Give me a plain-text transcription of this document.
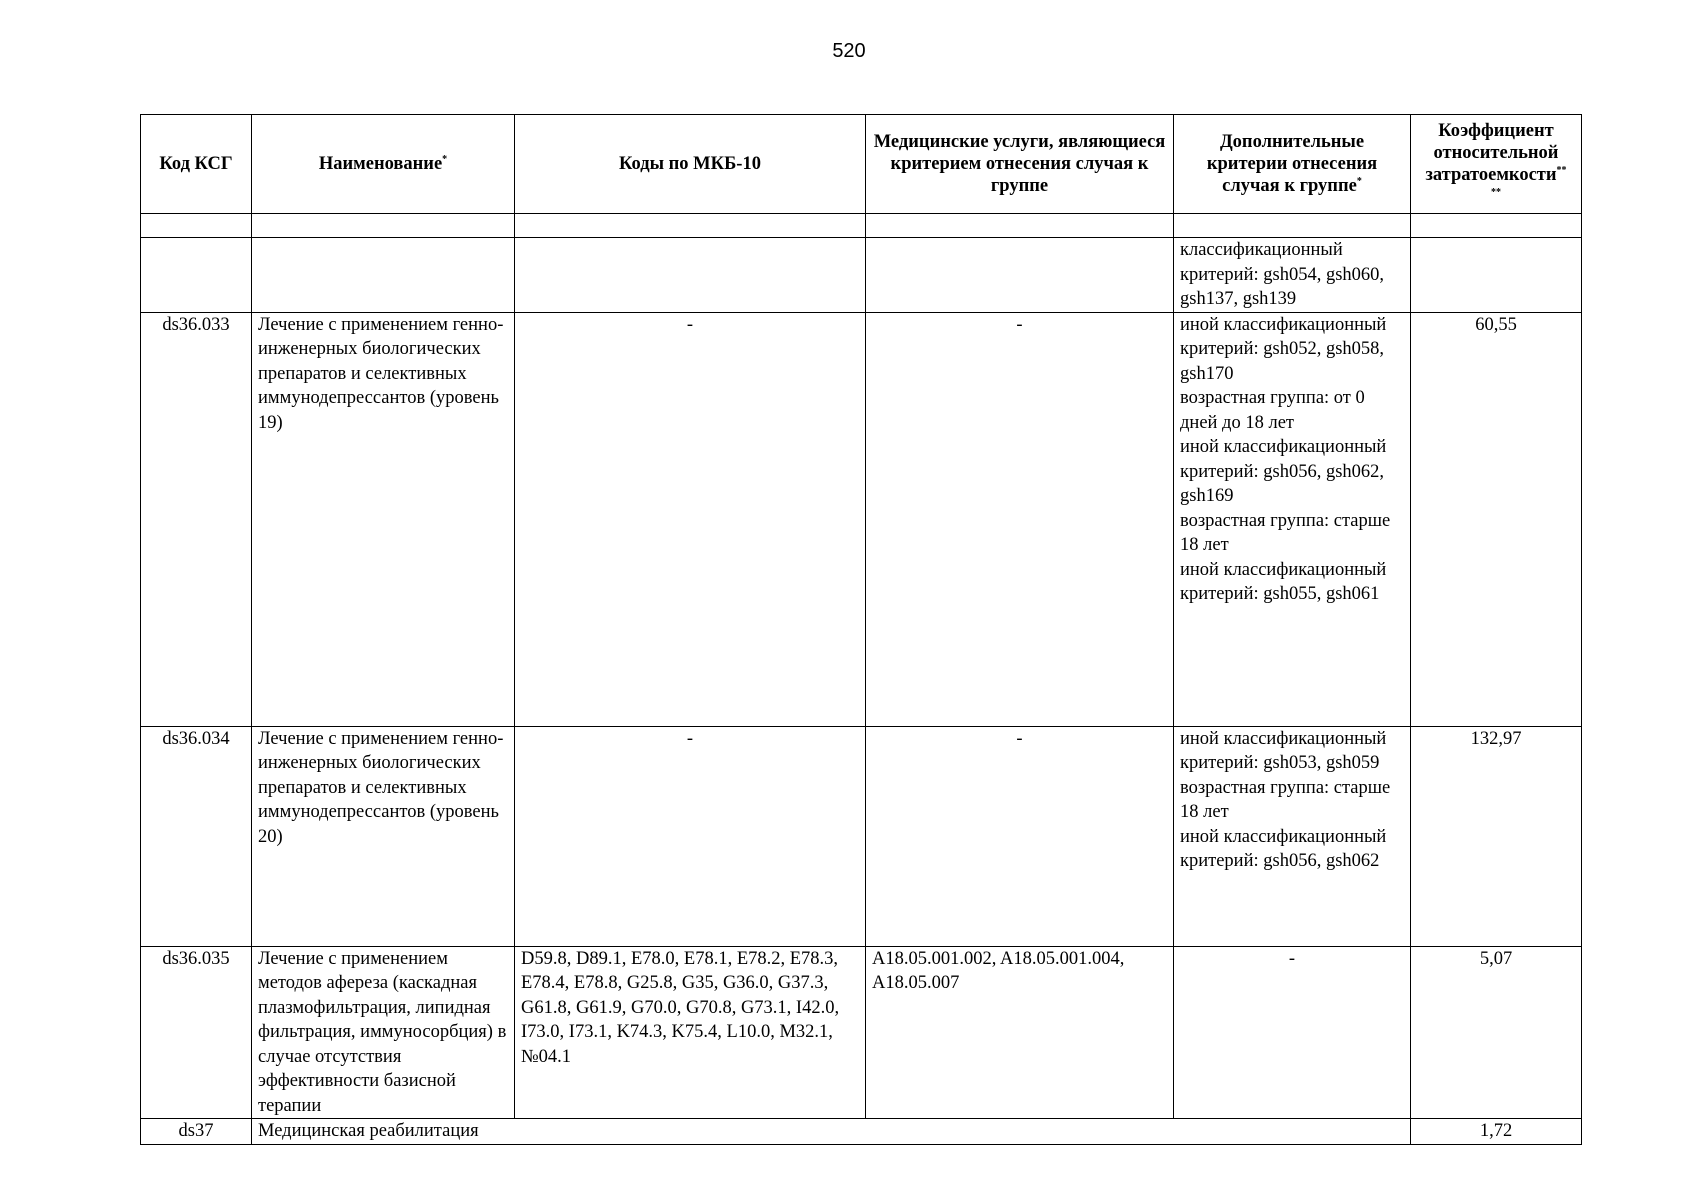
520
Код КСГ	Наименование*	Коды по МКБ-10	Медицинские услуги, являющиеся критерием отнесения случая к группе	Дополнительные критерии отнесения случая к группе*	Коэффициент относительной затратоемкости**
**

				классификационный критерий: gsh054, gsh060, gsh137, gsh139	
ds36.033	Лечение с применением генно-инженерных биологических препаратов и селективных иммунодепрессантов (уровень 19)	-	-	иной классификационный критерий: gsh052, gsh058, gsh170
возрастная группа: от 0 дней до 18 лет
иной классификационный критерий: gsh056, gsh062, gsh169
возрастная группа: старше 18 лет
иной классификационный критерий: gsh055, gsh061	60,55
ds36.034	Лечение с применением генно-инженерных биологических препаратов и селективных иммунодепрессантов (уровень 20)	-	-	иной классификационный критерий: gsh053, gsh059
возрастная группа: старше 18 лет
иной классификационный критерий: gsh056, gsh062	132,97
ds36.035	Лечение с применением методов афереза (каскадная плазмофильтрация, липидная фильтрация, иммуносорбция) в случае отсутствия эффективности базисной терапии	D59.8, D89.1, E78.0, E78.1, E78.2, E78.3, E78.4, E78.8, G25.8, G35, G36.0, G37.3, G61.8, G61.9, G70.0, G70.8, G73.1, I42.0, I73.0, I73.1, K74.3, K75.4, L10.0, M32.1, №04.1	A18.05.001.002, A18.05.001.004, A18.05.007	-	5,07
ds37	Медицинская реабилитация				1,72
